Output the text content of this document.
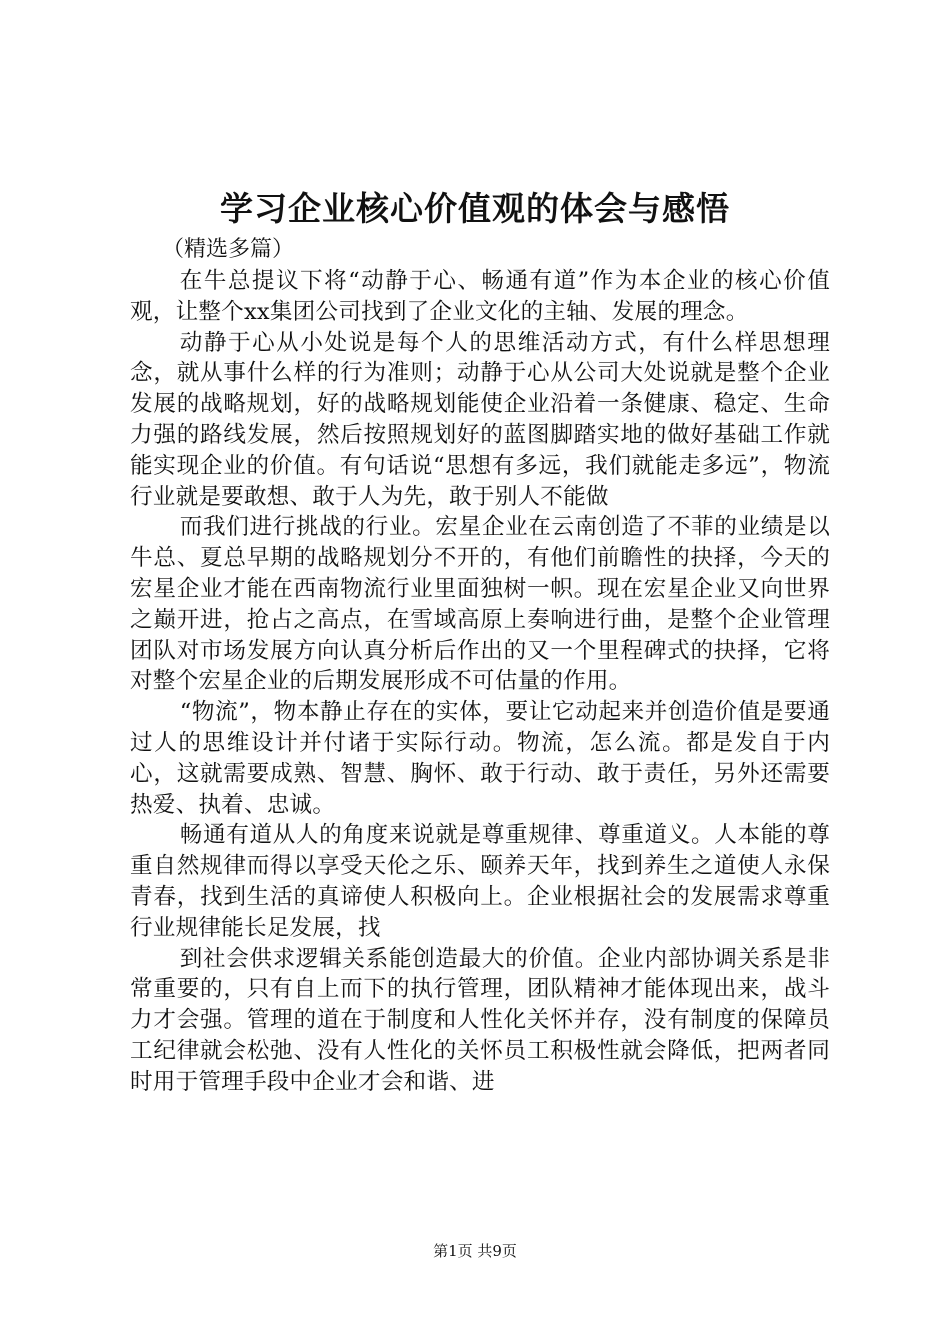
学习企业核心价值观的体会与感悟
（精选多篇）

在牛总提议下将“动静于心、畅通有道”作为本企业的核心价值观，让整个xx集团公司找到了企业文化的主轴、发展的理念。

动静于心从小处说是每个人的思维活动方式，有什么样思想理念，就从事什么样的行为准则；动静于心从公司大处说就是整个企业发展的战略规划，好的战略规划能使企业沿着一条健康、稳定、生命力强的路线发展，然后按照规划好的蓝图脚踏实地的做好基础工作就能实现企业的价值。有句话说“思想有多远，我们就能走多远”，物流行业就是要敢想、敢于人为先，敢于别人不能做

而我们进行挑战的行业。宏星企业在云南创造了不菲的业绩是以牛总、夏总早期的战略规划分不开的，有他们前瞻性的抉择，今天的宏星企业才能在西南物流行业里面独树一帜。现在宏星企业又向世界之巅开进，抢占之高点，在雪域高原上奏响进行曲，是整个企业管理团队对市场发展方向认真分析后作出的又一个里程碑式的抉择，它将对整个宏星企业的后期发展形成不可估量的作用。

“物流”，物本静止存在的实体，要让它动起来并创造价值是要通过人的思维设计并付诸于实际行动。物流，怎么流。都是发自于内心，这就需要成熟、智慧、胸怀、敢于行动、敢于责任，另外还需要热爱、执着、忠诚。

畅通有道从人的角度来说就是尊重规律、尊重道义。人本能的尊重自然规律而得以享受天伦之乐、颐养天年，找到养生之道使人永保青春，找到生活的真谛使人积极向上。企业根据社会的发展需求尊重行业规律能长足发展，找

到社会供求逻辑关系能创造最大的价值。企业内部协调关系是非常重要的，只有自上而下的执行管理，团队精神才能体现出来，战斗力才会强。管理的道在于制度和人性化关怀并存，没有制度的保障员工纪律就会松弛、没有人性化的关怀员工积极性就会降低，把两者同时用于管理手段中企业才会和谐、进

第1页 共9页
